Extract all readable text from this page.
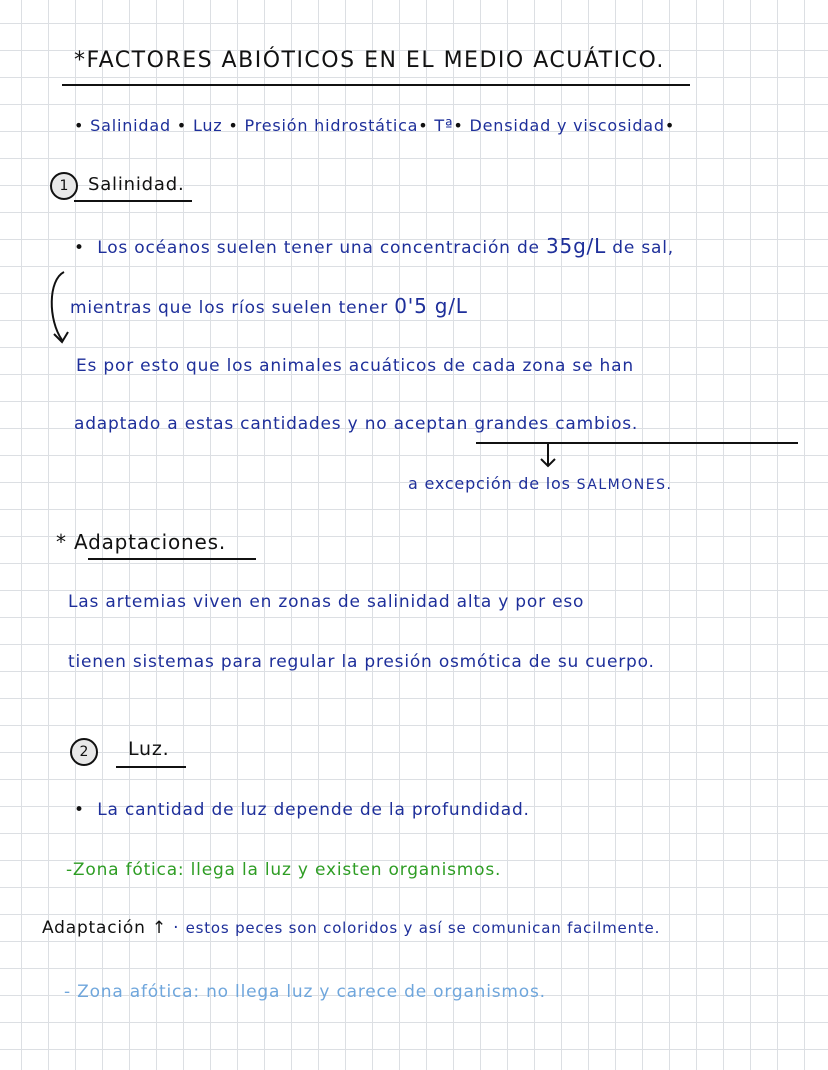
*FACTORES ABIÓTICOS EN EL MEDIO ACUÁTICO.
• Salinidad • Luz • Presión hidrostática• Tª• Densidad y viscosidad•
1	Salinidad.
• Los océanos suelen tener una concentración de 35g/L de sal,
mientras que los ríos suelen tener 0'5 g/L
Es por esto que los animales acuáticos de cada zona se han
adaptado a estas cantidades y no aceptan grandes cambios.
a excepción de los SALMONES.
* Adaptaciones.
Las artemias viven en zonas de salinidad alta y por eso
tienen sistemas para regular la presión osmótica de su cuerpo.
2	Luz.
• La cantidad de luz depende de la profundidad.
-Zona fótica: llega la luz y existen organismos.
Adaptación ↑ · estos peces son coloridos y así se comunican facilmente.
- Zona afótica: no llega luz y carece de organismos.
